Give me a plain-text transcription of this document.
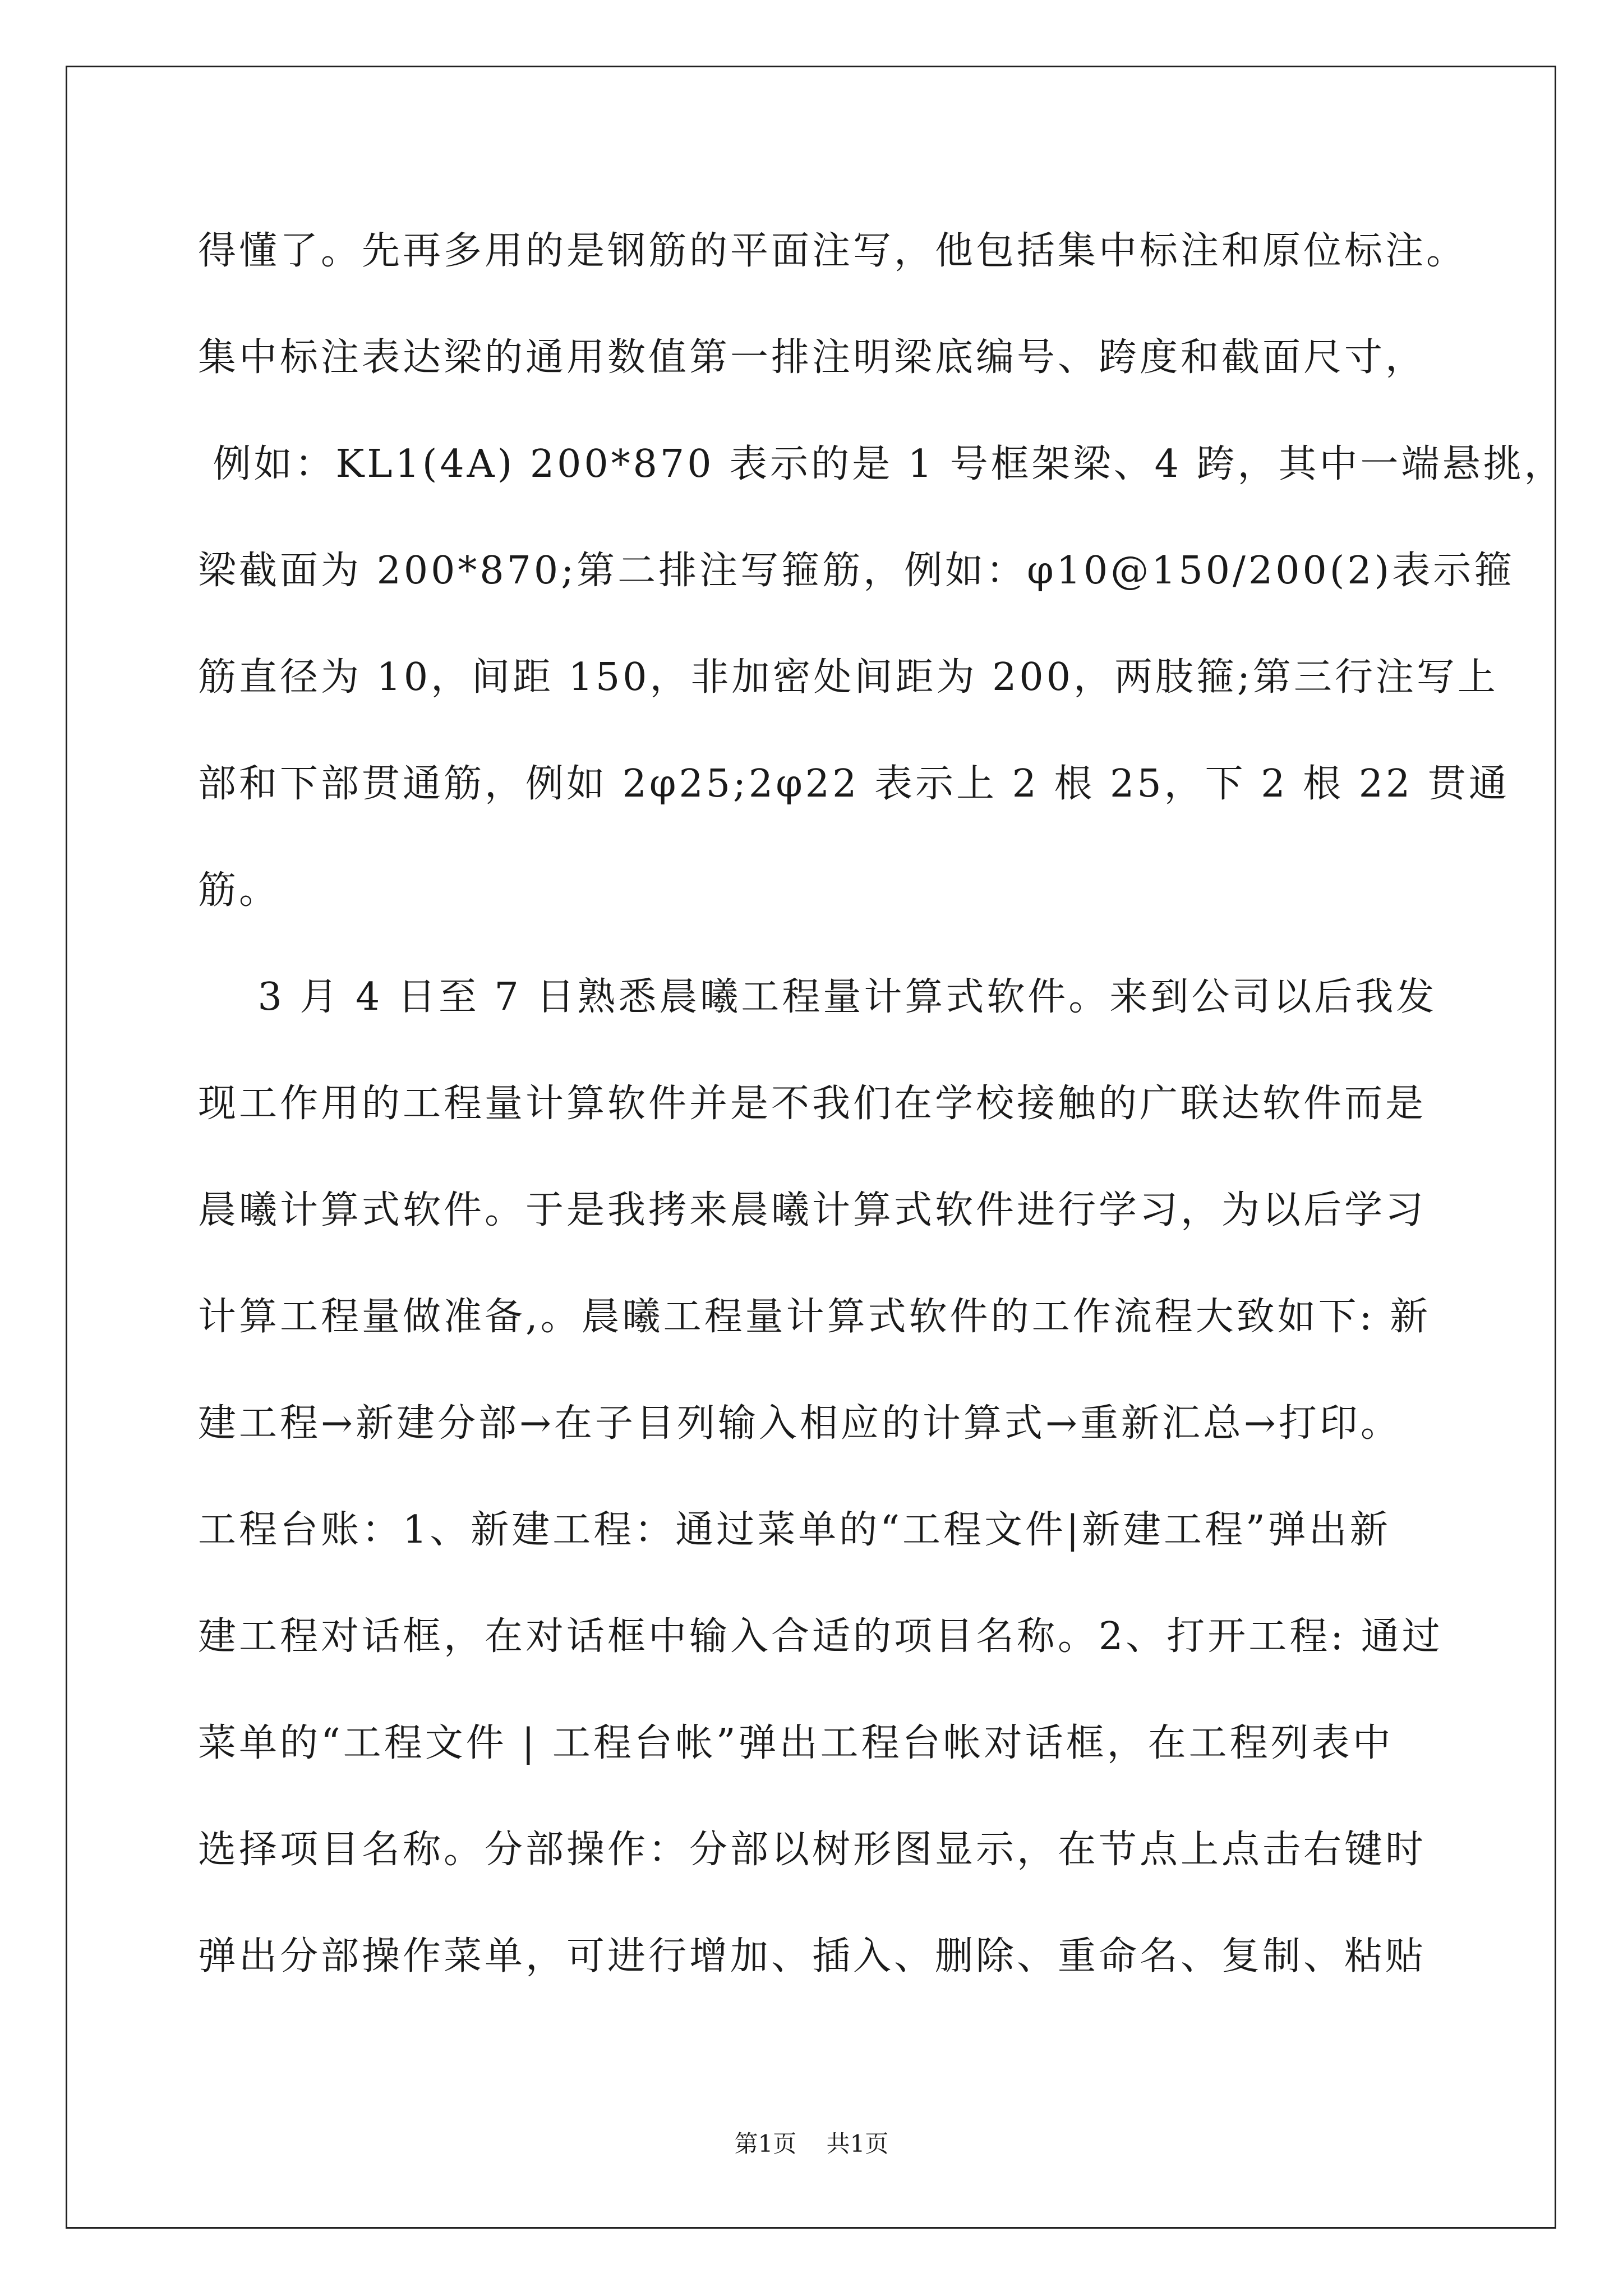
得懂了。先再多用的是钢筋的平面注写，他包括集中标注和原位标注。
集中标注表达梁的通用数值第一排注明梁底编号、跨度和截面尺寸，
例如：KL1(4A) 200*870 表示的是 1 号框架梁、4 跨，其中一端悬挑，
梁截面为 200*870;第二排注写箍筋，例如：φ10@150/200(2)表示箍
筋直径为 10，间距 150，非加密处间距为 200，两肢箍;第三行注写上
部和下部贯通筋，例如 2φ25;2φ22 表示上 2 根 25，下 2 根 22 贯通
筋。
3 月 4 日至 7 日熟悉晨曦工程量计算式软件。来到公司以后我发
现工作用的工程量计算软件并是不我们在学校接触的广联达软件而是
晨曦计算式软件。于是我拷来晨曦计算式软件进行学习，为以后学习
计算工程量做准备,。晨曦工程量计算式软件的工作流程大致如下: 新
建工程→新建分部→在子目列输入相应的计算式→重新汇总→打印。
工程台账：1、新建工程：通过菜单的“工程文件|新建工程”弹出新
建工程对话框，在对话框中输入合适的项目名称。2、打开工程: 通过
菜单的“工程文件 | 工程台帐”弹出工程台帐对话框，在工程列表中
选择项目名称。分部操作：分部以树形图显示，在节点上点击右键时
弹出分部操作菜单，可进行增加、插入、删除、重命名、复制、粘贴
第1页 共1页
